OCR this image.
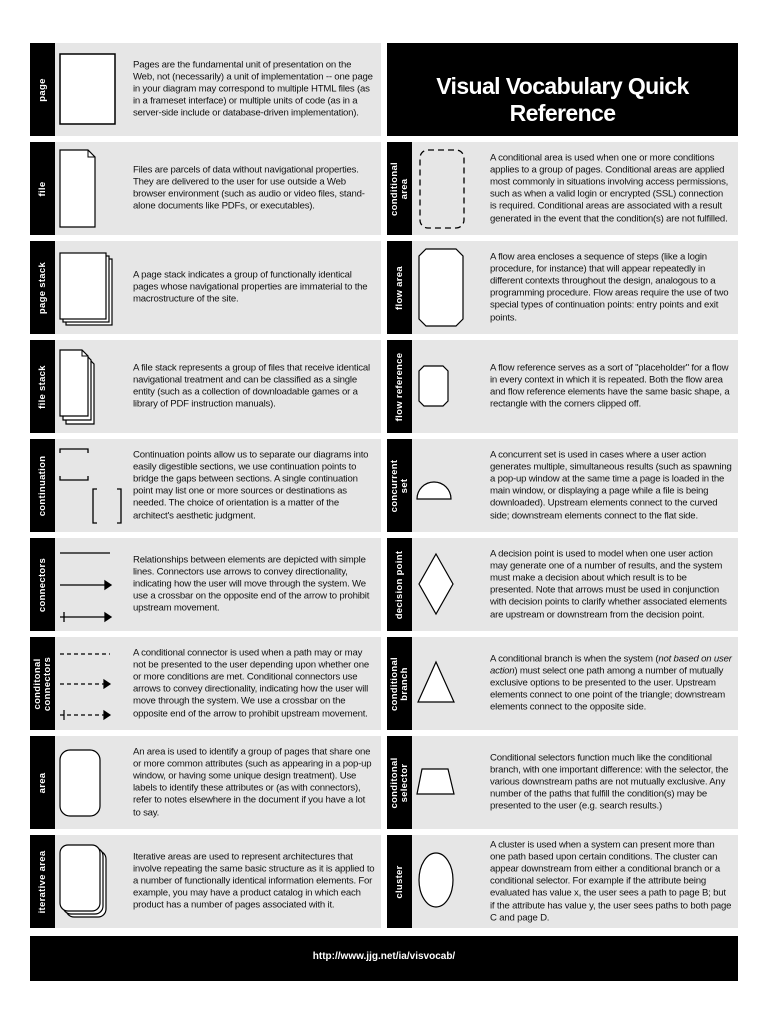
page
Pages are the fundamental unit of presentation on the Web, not (necessarily) a unit of implementation -- one page in your diagram may correspond to multiple HTML files (as in a frameset interface) or multiple units of code (as in a server-side include or database-driven implementation).
file
Files are parcels of data without navigational properties. They are delivered to the user for use outside a Web browser environment (such as audio or video files, stand-alone documents like PDFs, or executables).
page stack	A page stack indicates a group of functionally identical pages whose navigational properties are immaterial to the macrostructure of the site.
file stack	A file stack represents a group of files that receive identical navigational treatment and can be classified as a single entity (such as a collection of downloadable games or a library of PDF instruction manuals).
continuation
Continuation points allow us to separate our diagrams into easily digestible sections, we use continuation points to bridge the gaps between sections. A single continuation point may list one or more sources or destinations as needed. The choice of orientation is a matter of the architect's aesthetic judgment.
connectors	Relationships between elements are depicted with simple lines. Connectors use arrows to convey directionality, indicating how the user will move through the system. We use a crossbar on the opposite end of the arrow to prohibit upstream movement.
conditonal connectors
A conditional connector is used when a path may or may not be presented to the user depending upon whether one or more conditions are met. Conditional connectors use arrows to convey directionality, indicating how the user will move through the system. We use a crossbar on the opposite end of the arrow to prohibit upstream movement.
area
An area is used to identify a group of pages that share one or more common attributes (such as appearing in a pop-up window, or having some unique design treatment). Use labels to identify these attributes or (as with connectors), refer to notes elsewhere in the document if you have a lot to say.
iterative area	Iterative areas are used to represent architectures that involve repeating the same basic structure as it is applied to a number of functionally identical information elements. For example, you may have a product catalog in which each product has a number of pages associated with it.
Visual Vocabulary Quick Reference
conditional area
A conditional area is used when one or more conditions applies to a group of pages. Conditional areas are applied most commonly in situations involving access permissions, such as when a valid login or encrypted (SSL) connection is required. Conditional areas are associated with a result generated in the event that the condition(s) are not fulfilled.
flow area
A flow area encloses a sequence of steps (like a login procedure, for instance) that will appear repeatedly in different contexts throughout the design, analogous to a programming procedure. Flow areas require the use of two special types of continuation points: entry points and exit points.
flow reference	A flow reference serves as a sort of "placeholder" for a flow in every context in which it is repeated. Both the flow area and flow reference elements have the same basic shape, a rectangle with the corners clipped off.
concurrent set
A concurrent set is used in cases where a user action generates multiple, simultaneous results (such as spawning a pop-up window at the same time a page is loaded in the main window, or displaying a page while a file is being downloaded). Upstream elements connect to the curved side; downstream elements connect to the flat side.
decision point	A decision point is used to model when one user action may generate one of a number of results, and the system must make a decision about which result is to be presented. Note that arrows must be used in conjunction with decision points to clarify whether associated elements are upstream or downstream from the decision point.
conditional branch
A conditional branch is when the system (not based on user action) must select one path among a number of mutually exclusive options to be presented to the user. Upstream elements connect to one point of the triangle; downstream elements connect to the opposite side.
conditonal selector
Conditional selectors function much like the conditional branch, with one important difference: with the selector, the various downstream paths are not mutually exclusive. Any number of the paths that fulfill the condition(s) may be presented to the user (e.g. search results.)
cluster
A cluster is used when a system can present more than one path based upon certain conditions. The cluster can appear downstream from either a conditional branch or a conditional selector. For example if the attribute being evaluated has value x, the user sees a path to page B; but if the attribute has value y, the user sees paths to both page C and page D.
http://www.jjg.net/ia/visvocab/
